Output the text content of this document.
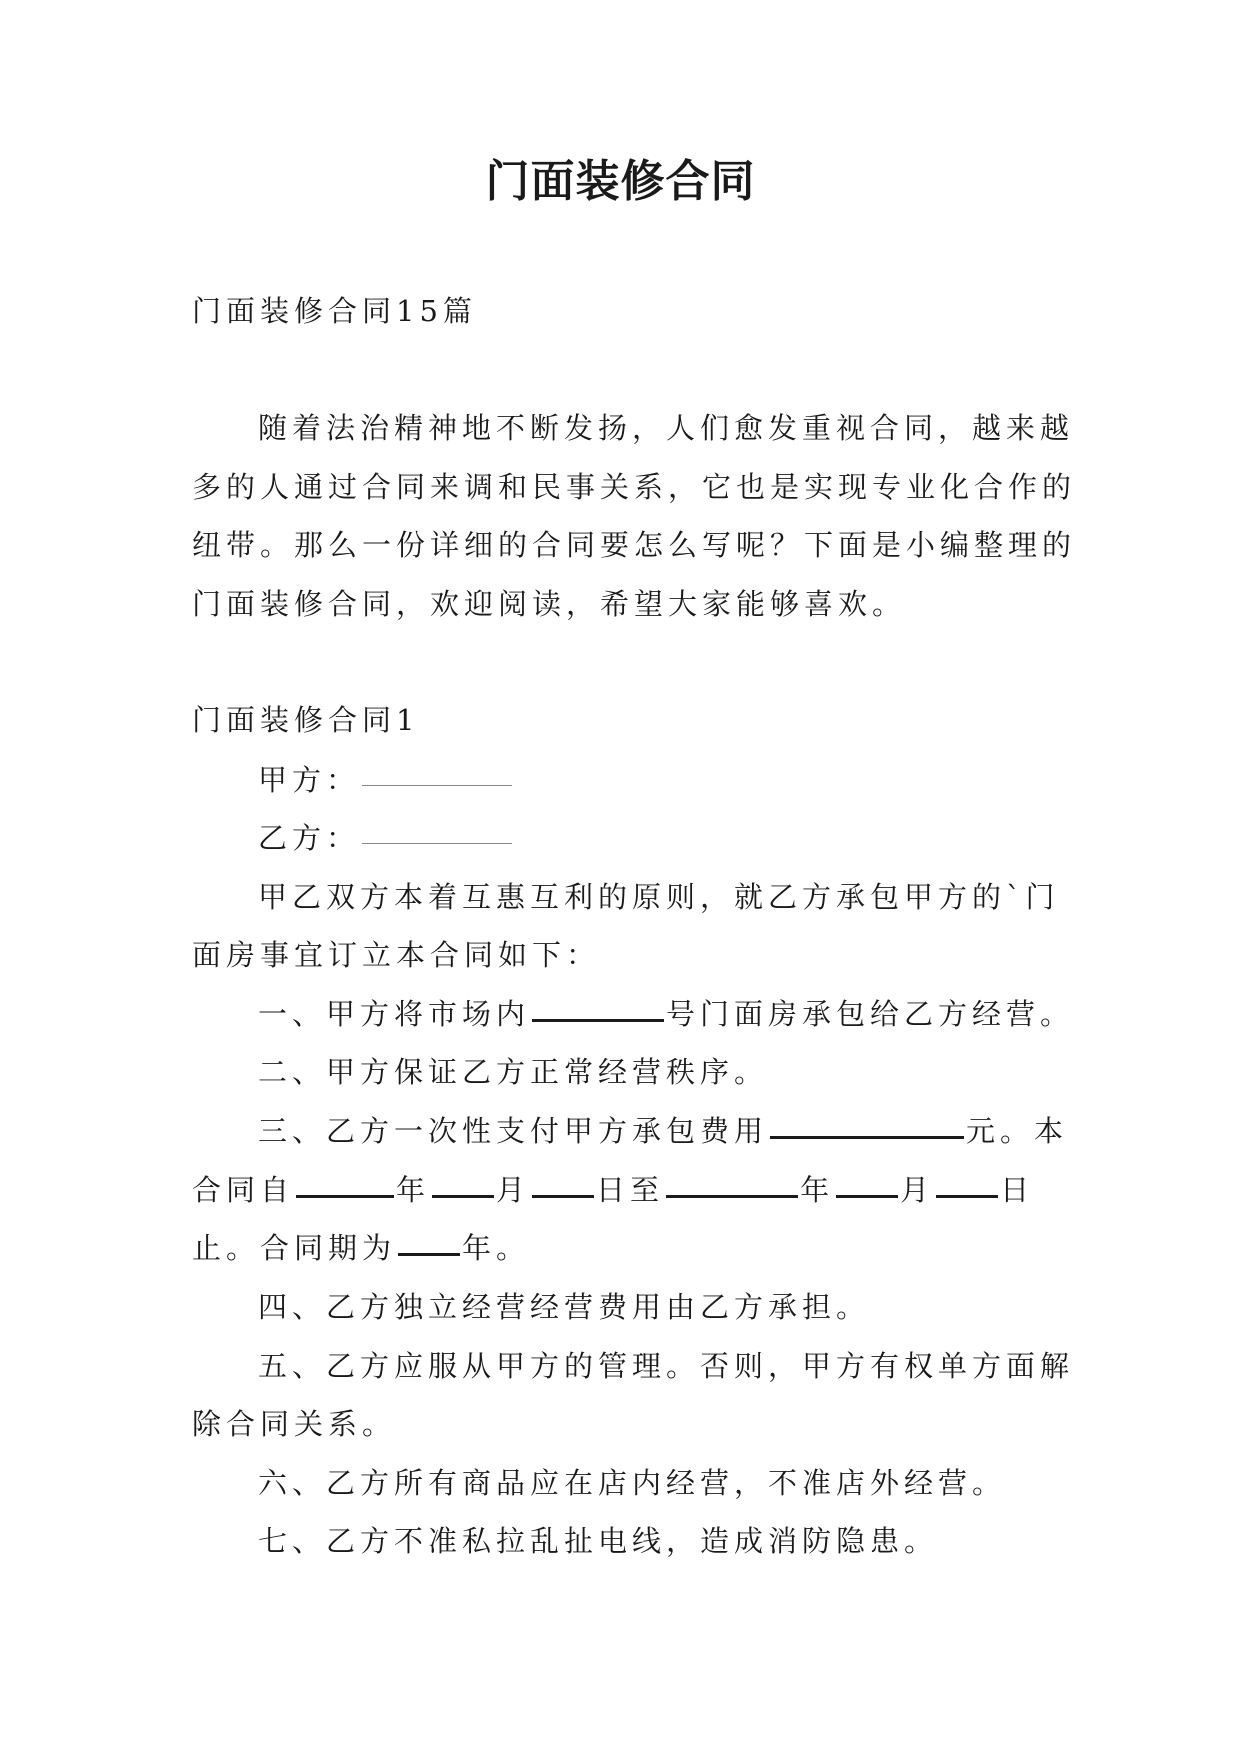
门面装修合同
门面装修合同15篇
随着法治精神地不断发扬，人们愈发重视合同，越来越
多的人通过合同来调和民事关系，它也是实现专业化合作的
纽带。那么一份详细的合同要怎么写呢？下面是小编整理的
门面装修合同，欢迎阅读，希望大家能够喜欢。
门面装修合同1
甲方：
乙方：
甲乙双方本着互惠互利的原则，就乙方承包甲方的`门
面房事宜订立本合同如下：
一、甲方将市场内	号门面房承包给乙方经营。
二、甲方保证乙方正常经营秩序。
三、乙方一次性支付甲方承包费用	元。本
合同自	年 月 日至	年 月 日
止。合同期为 年。
四、乙方独立经营经营费用由乙方承担。
五、乙方应服从甲方的管理。否则，甲方有权单方面解
除合同关系。
六、乙方所有商品应在店内经营，不准店外经营。
七、乙方不准私拉乱扯电线，造成消防隐患。
